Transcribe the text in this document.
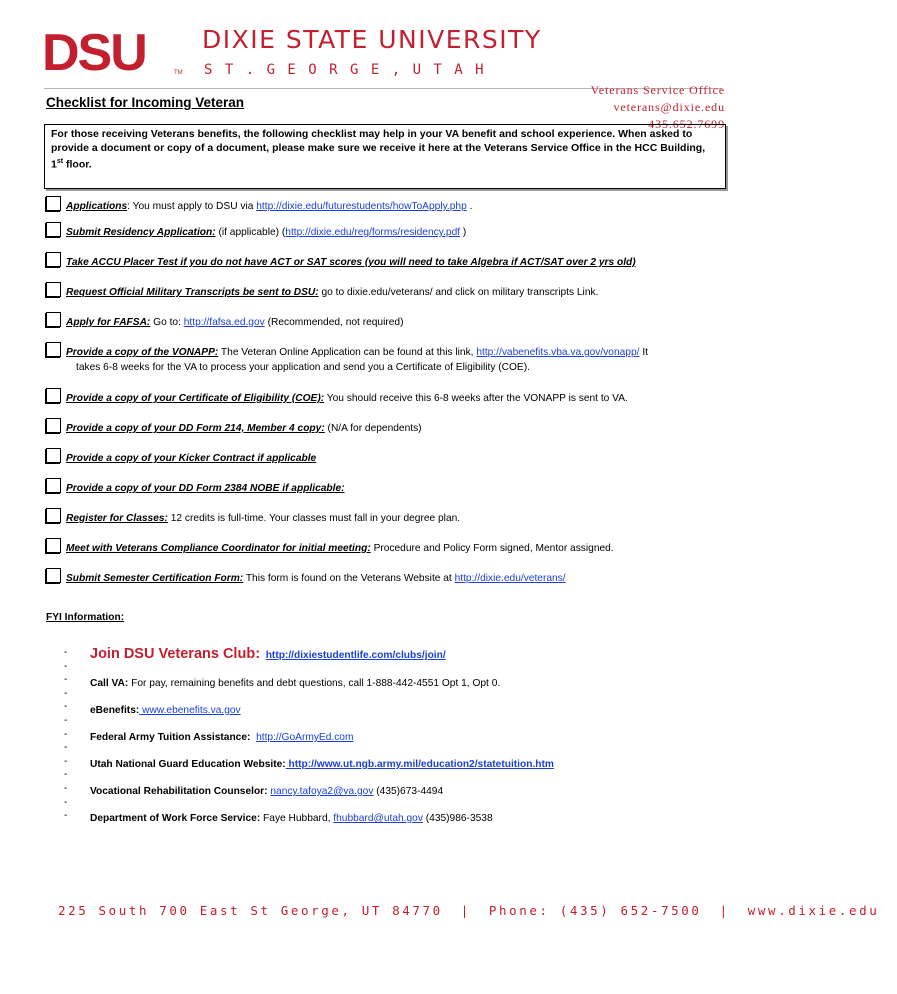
DSU	TM
DIXIE STATE UNIVERSITY
S T . G E O R G E , U T A H
Veterans Service Office
veterans@dixie.edu
435.652.7699
Checklist for Incoming Veteran
For those receiving Veterans benefits, the following checklist may help in your VA benefit and school experience. When asked to provide a document or copy of a document, please make sure we receive it here at the Veterans Service Office in the HCC Building, 1st floor.
Applications: You must apply to DSU via http://dixie.edu/futurestudents/howToApply.php .
Submit Residency Application: (if applicable) (http://dixie.edu/reg/forms/residency.pdf )
Take ACCU Placer Test if you do not have ACT or SAT scores (you will need to take Algebra if ACT/SAT over 2 yrs old)
Request Official Military Transcripts be sent to DSU: go to dixie.edu/veterans/ and click on military transcripts Link.
Apply for FAFSA: Go to: http://fafsa.ed.gov (Recommended, not required)
Provide a copy of the VONAPP: The Veteran Online Application can be found at this link, http://vabenefits.vba.va.gov/vonapp/ It
takes 6-8 weeks for the VA to process your application and send you a Certificate of Eligibility (COE).
Provide a copy of your Certificate of Eligibility (COE): You should receive this 6-8 weeks after the VONAPP is sent to VA.
Provide a copy of your DD Form 214, Member 4 copy: (N/A for dependents)
Provide a copy of your Kicker Contract if applicable
Provide a copy of your DD Form 2384 NOBE if applicable:
Register for Classes: 12 credits is full-time. Your classes must fall in your degree plan.
Meet with Veterans Compliance Coordinator for initial meeting: Procedure and Policy Form signed, Mentor assigned.
Submit Semester Certification Form: This form is found on the Veterans Website at http://dixie.edu/veterans/
FYI Information:
-
-
-
-
-
-
-
-
-
-
-
-
-
Join DSU Veterans Club: http://dixiestudentlife.com/clubs/join/
Call VA: For pay, remaining benefits and debt questions, call 1-888-442-4551 Opt 1, Opt 0.
eBenefits: www.ebenefits.va.gov
Federal Army Tuition Assistance: http://GoArmyEd.com
Utah National Guard Education Website: http://www.ut.ngb.army.mil/education2/statetuition.htm
Vocational Rehabilitation Counselor: nancy.tafoya2@va.gov (435)673-4494
Department of Work Force Service: Faye Hubbard, fhubbard@utah.gov (435)986-3538
225 South 700 East St George, UT 84770 | Phone: (435) 652-7500 | www.dixie.edu
